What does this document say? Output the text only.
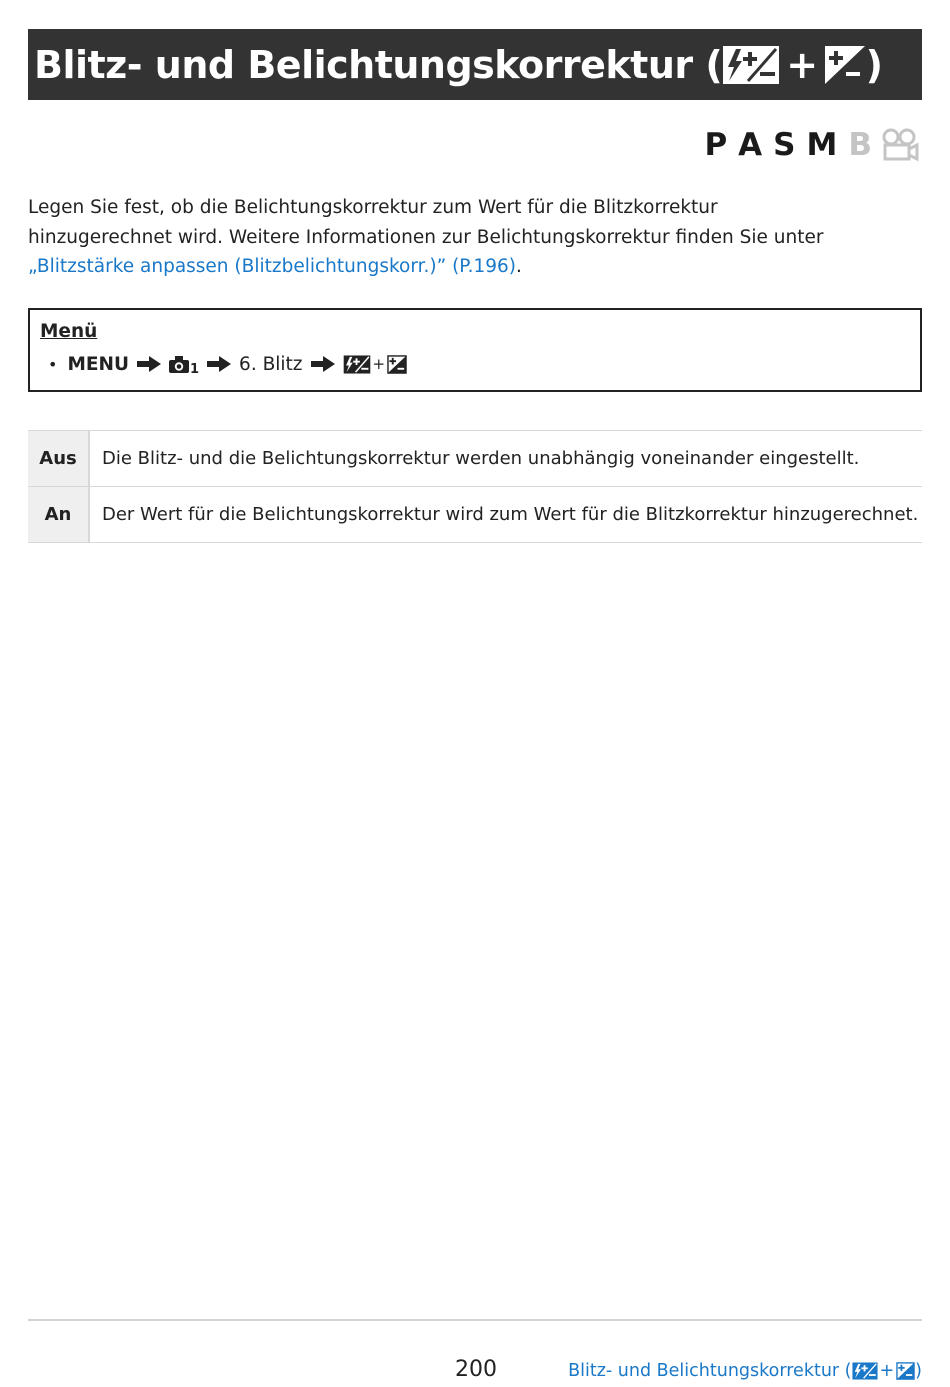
Blitz- und Belichtungskorrektur ( + )
P A S M B
Legen Sie fest, ob die Belichtungskorrektur zum Wert für die Blitzkorrektur hinzugerechnet wird. Weitere Informationen zur Belichtungskorrektur finden Sie unter „Blitzstärke anpassen (Blitzbelichtungskorr.)” (P.196).
Menü
• MENU	1 6. Blitz	+
Aus	Die Blitz- und die Belichtungskorrektur werden unabhängig voneinander eingestellt.
An	Der Wert für die Belichtungskorrektur wird zum Wert für die Blitzkorrektur hinzugerechnet.
200	Blitz- und Belichtungskorrektur ( + )
